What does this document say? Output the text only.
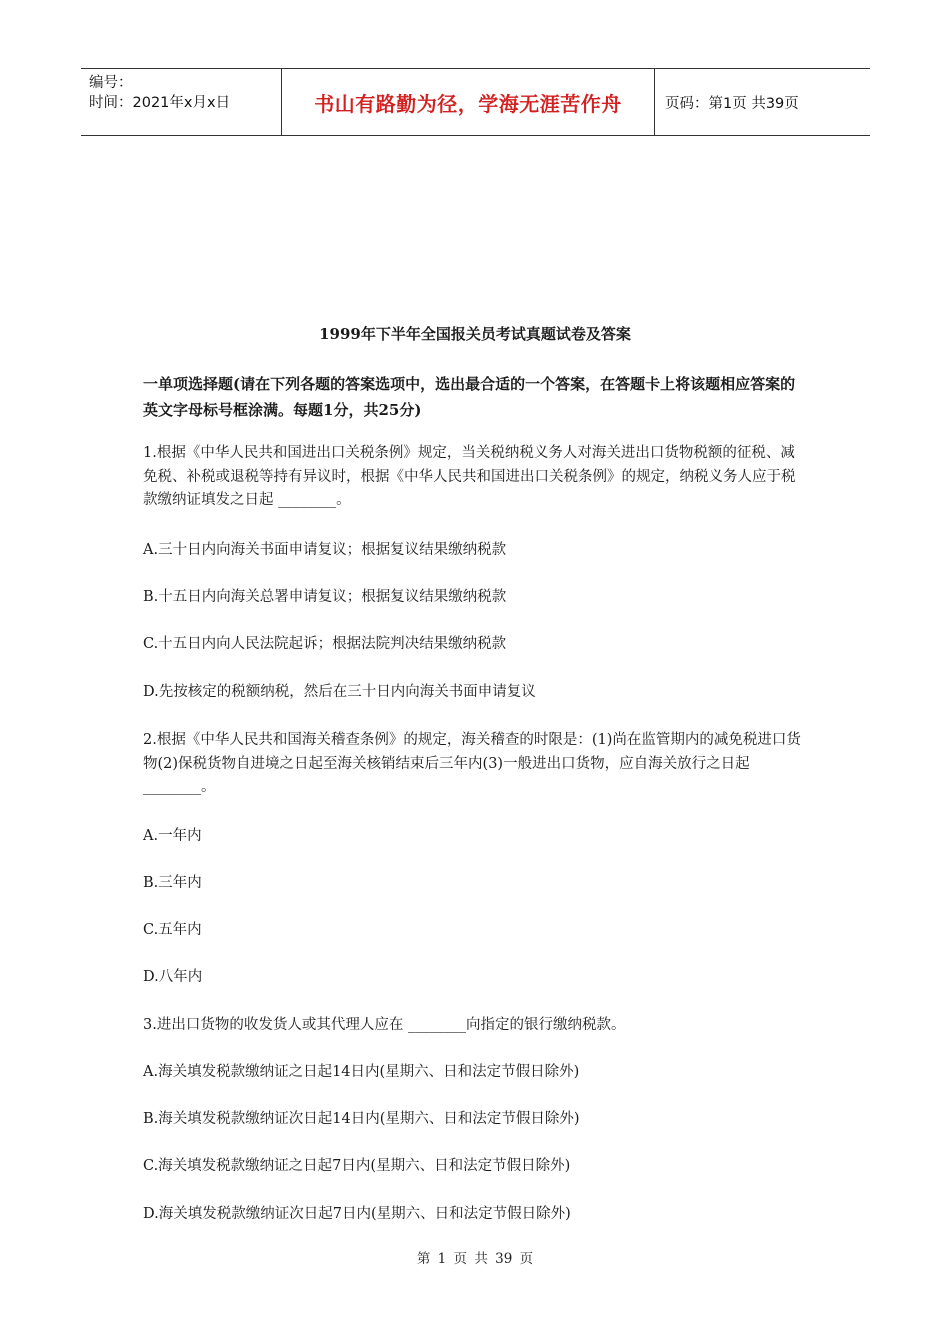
编号：
时间：2021年x月x日	书山有路勤为径，学海无涯苦作舟	页码：第1页 共39页
1999年下半年全国报关员考试真题试卷及答案
一单项选择题(请在下列各题的答案选项中，选出最合适的一个答案，在答题卡上将该题相应答案的英文字母标号框涂满。每题1分，共25分)
1.根据《中华人民共和国进出口关税条例》规定，当关税纳税义务人对海关进出口货物税额的征税、减免税、补税或退税等持有异议时，根据《中华人民共和国进出口关税条例》的规定，纳税义务人应于税款缴纳证填发之日起 ________。
A.三十日内向海关书面申请复议；根据复议结果缴纳税款
B.十五日内向海关总署申请复议；根据复议结果缴纳税款
C.十五日内向人民法院起诉；根据法院判决结果缴纳税款
D.先按核定的税额纳税，然后在三十日内向海关书面申请复议
2.根据《中华人民共和国海关稽查条例》的规定，海关稽查的时限是：(1)尚在监管期内的减免税进口货物(2)保税货物自进境之日起至海关核销结束后三年内(3)一般进出口货物，应自海关放行之日起 ________。
A.一年内
B.三年内
C.五年内
D.八年内
3.进出口货物的收发货人或其代理人应在 ________向指定的银行缴纳税款。
A.海关填发税款缴纳证之日起14日内(星期六、日和法定节假日除外)
B.海关填发税款缴纳证次日起14日内(星期六、日和法定节假日除外)
C.海关填发税款缴纳证之日起7日内(星期六、日和法定节假日除外)
D.海关填发税款缴纳证次日起7日内(星期六、日和法定节假日除外)
第 1 页 共 39 页
